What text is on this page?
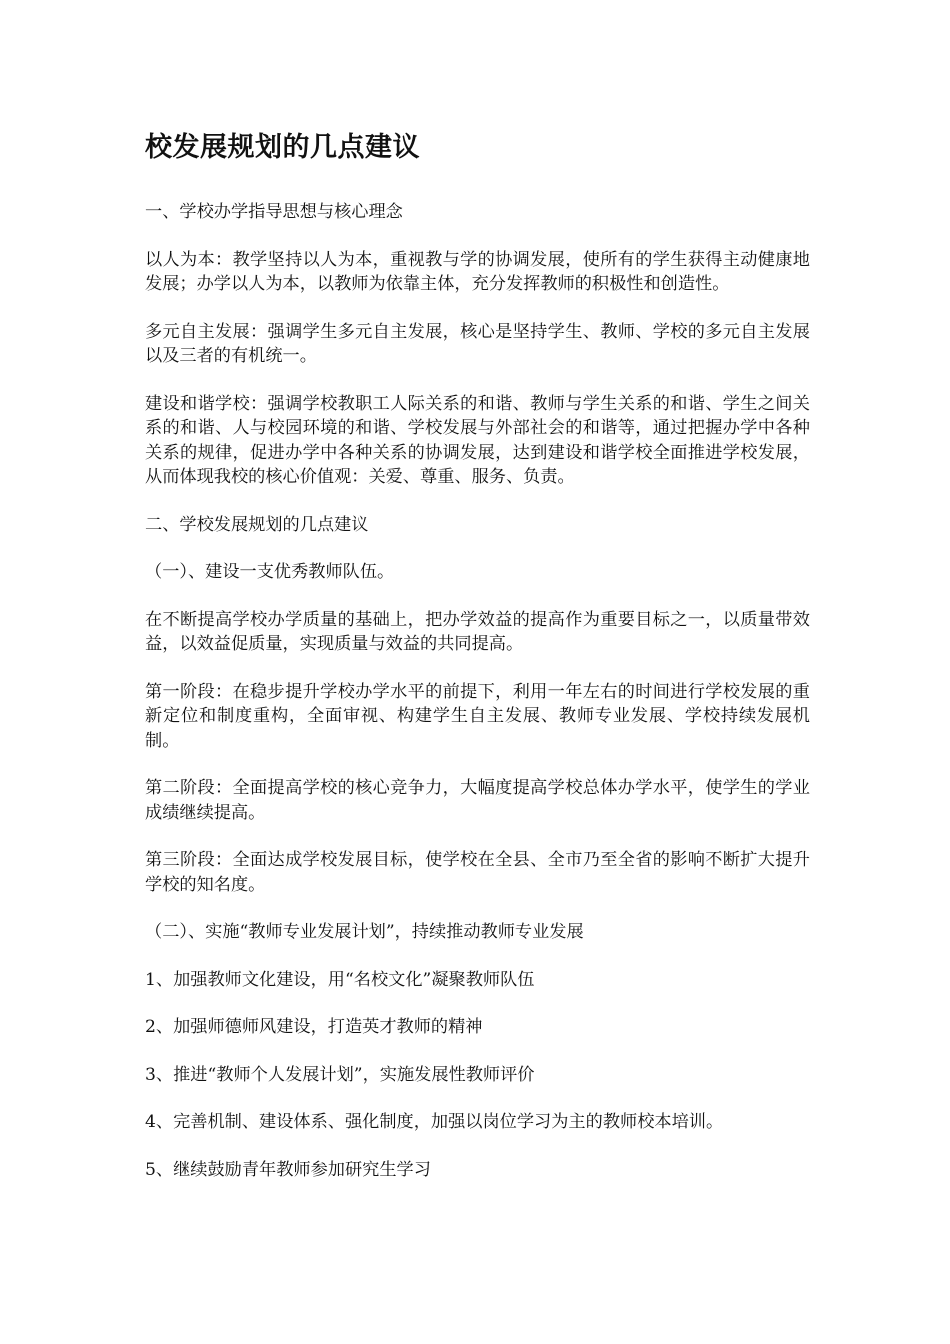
校发展规划的几点建议

一、学校办学指导思想与核心理念

以人为本：教学坚持以人为本，重视教与学的协调发展，使所有的学生获得主动健康地发展；办学以人为本，以教师为依靠主体，充分发挥教师的积极性和创造性。

多元自主发展：强调学生多元自主发展，核心是坚持学生、教师、学校的多元自主发展以及三者的有机统一。

建设和谐学校：强调学校教职工人际关系的和谐、教师与学生关系的和谐、学生之间关系的和谐、人与校园环境的和谐、学校发展与外部社会的和谐等，通过把握办学中各种关系的规律，促进办学中各种关系的协调发展，达到建设和谐学校全面推进学校发展，从而体现我校的核心价值观：关爱、尊重、服务、负责。

二、学校发展规划的几点建议

（一）、建设一支优秀教师队伍。

在不断提高学校办学质量的基础上，把办学效益的提高作为重要目标之一，以质量带效益，以效益促质量，实现质量与效益的共同提高。

第一阶段：在稳步提升学校办学水平的前提下，利用一年左右的时间进行学校发展的重新定位和制度重构，全面审视、构建学生自主发展、教师专业发展、学校持续发展机制。

第二阶段：全面提高学校的核心竞争力，大幅度提高学校总体办学水平，使学生的学业成绩继续提高。

第三阶段：全面达成学校发展目标，使学校在全县、全市乃至全省的影响不断扩大提升学校的知名度。

（二）、实施“教师专业发展计划”，持续推动教师专业发展

1、加强教师文化建设，用“名校文化”凝聚教师队伍

2、加强师德师风建设，打造英才教师的精神

3、推进“教师个人发展计划”，实施发展性教师评价

4、完善机制、建设体系、强化制度，加强以岗位学习为主的教师校本培训。

5、继续鼓励青年教师参加研究生学习
